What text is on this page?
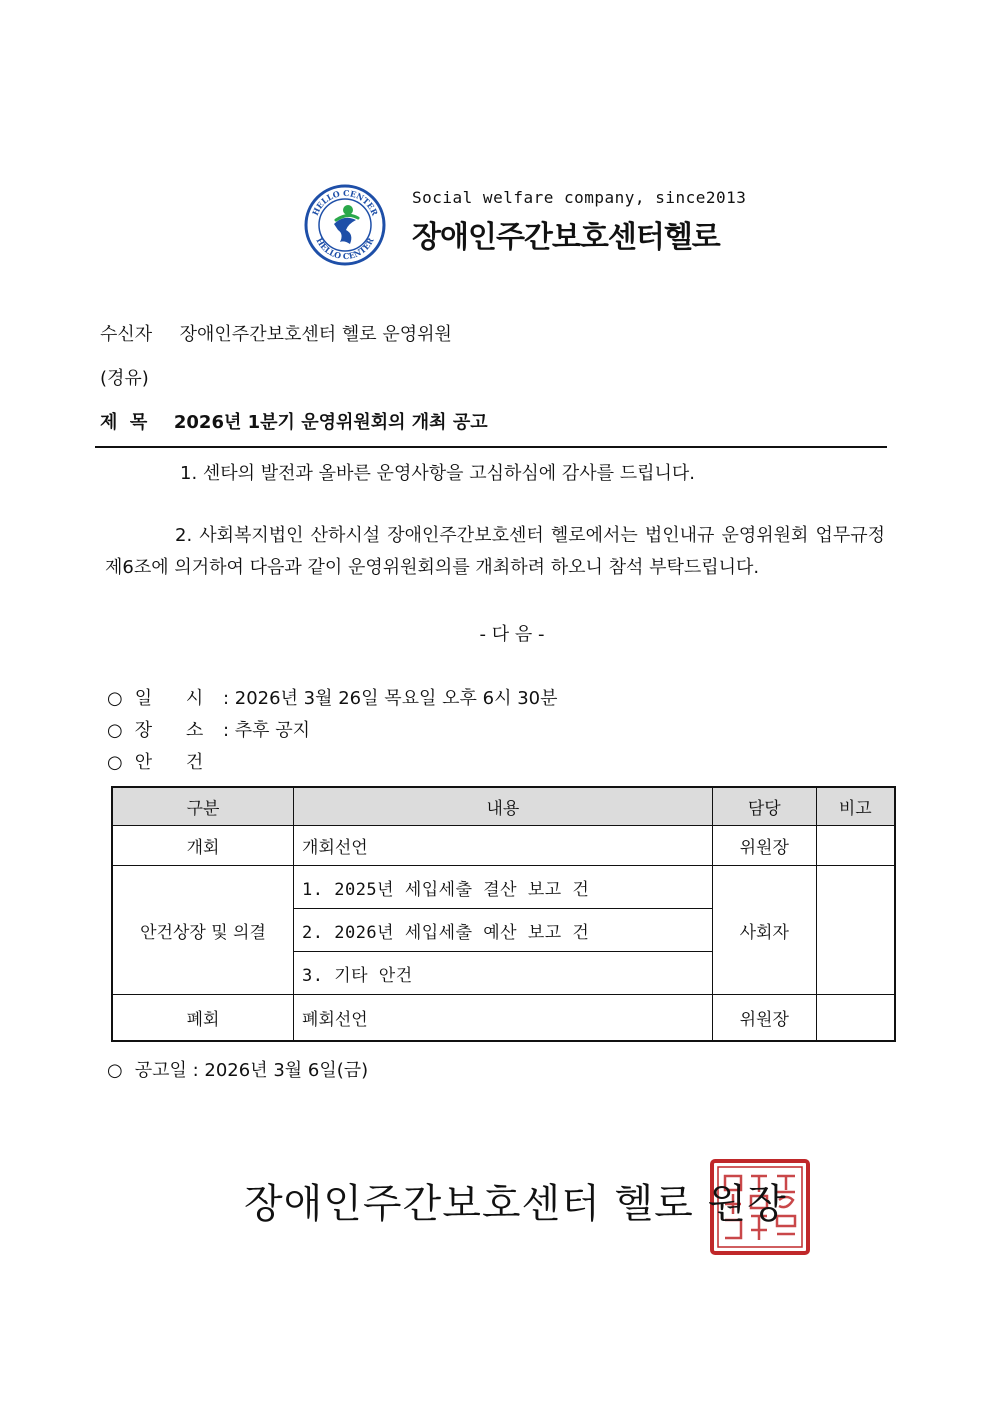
HELLO CENTER
HELLO CENTER
Social welfare company, since2013
장애인주간보호센터헬로
수신자 장애인주간보호센터 헬로 운영위원
(경유)
제  목 2026년 1분기 운영위원회의 개최 공고
1. 센타의 발전과 올바른 운영사항을 고심하심에 감사를 드립니다.
2. 사회복지법인 산하시설 장애인주간보호센터 헬로에서는 법인내규 운영위원회 업무규정 제6조에 의거하여 다음과 같이 운영위원회의를 개최하려 하오니 참석 부탁드립니다.
- 다 음 -
○ 일 시 : 2026년 3월 26일 목요일 오후 6시 30분
○ 장 소 : 추후 공지
○ 안 건
구분	내용	담당	비고
개회	개회선언	위원장	
안건상장 및 의결	1. 2025년 세입세출 결산 보고 건	사회자	
	2. 2026년 세입세출 예산 보고 건		
	3. 기타 안건		
폐회	폐회선언	위원장	
○ 공고일 : 2026년 3월 6일(금)
장애인주간보호센터 헬로 원장
